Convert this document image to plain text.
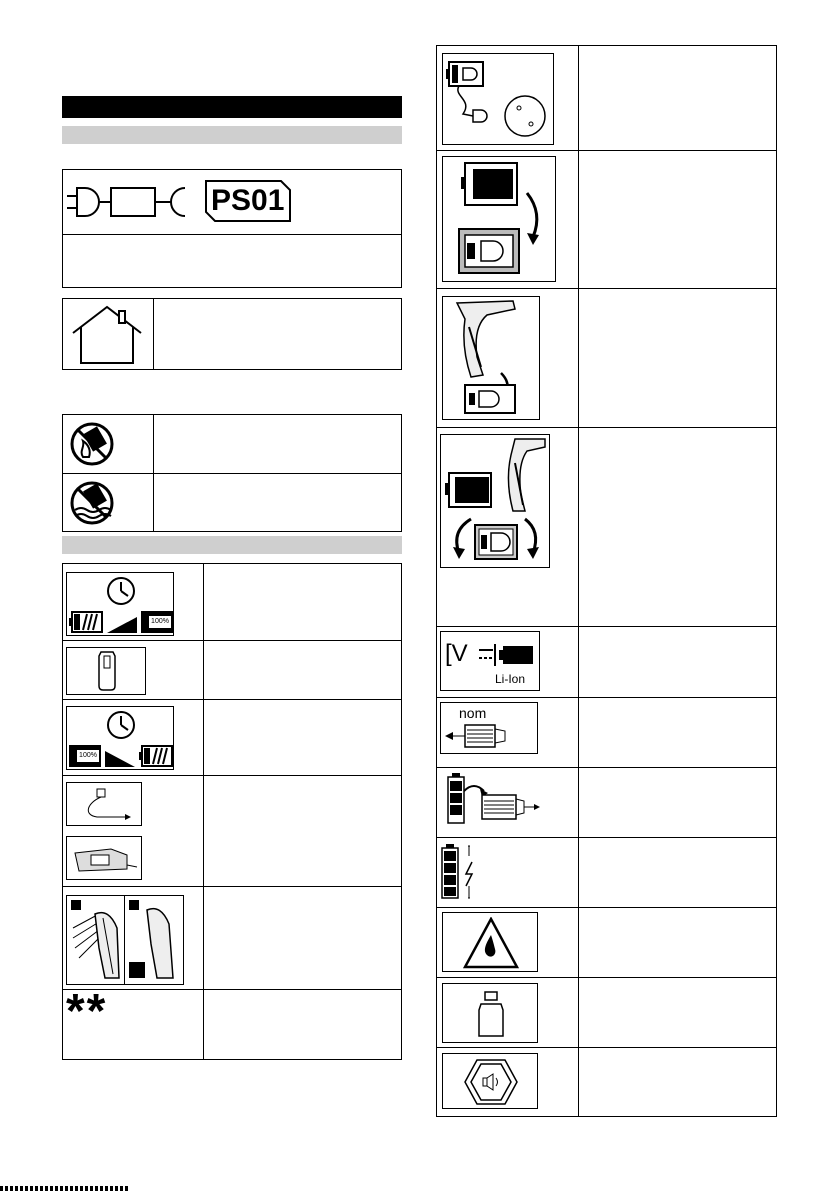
PS01
100%
100%
**
[V
Li-Ion
nom
